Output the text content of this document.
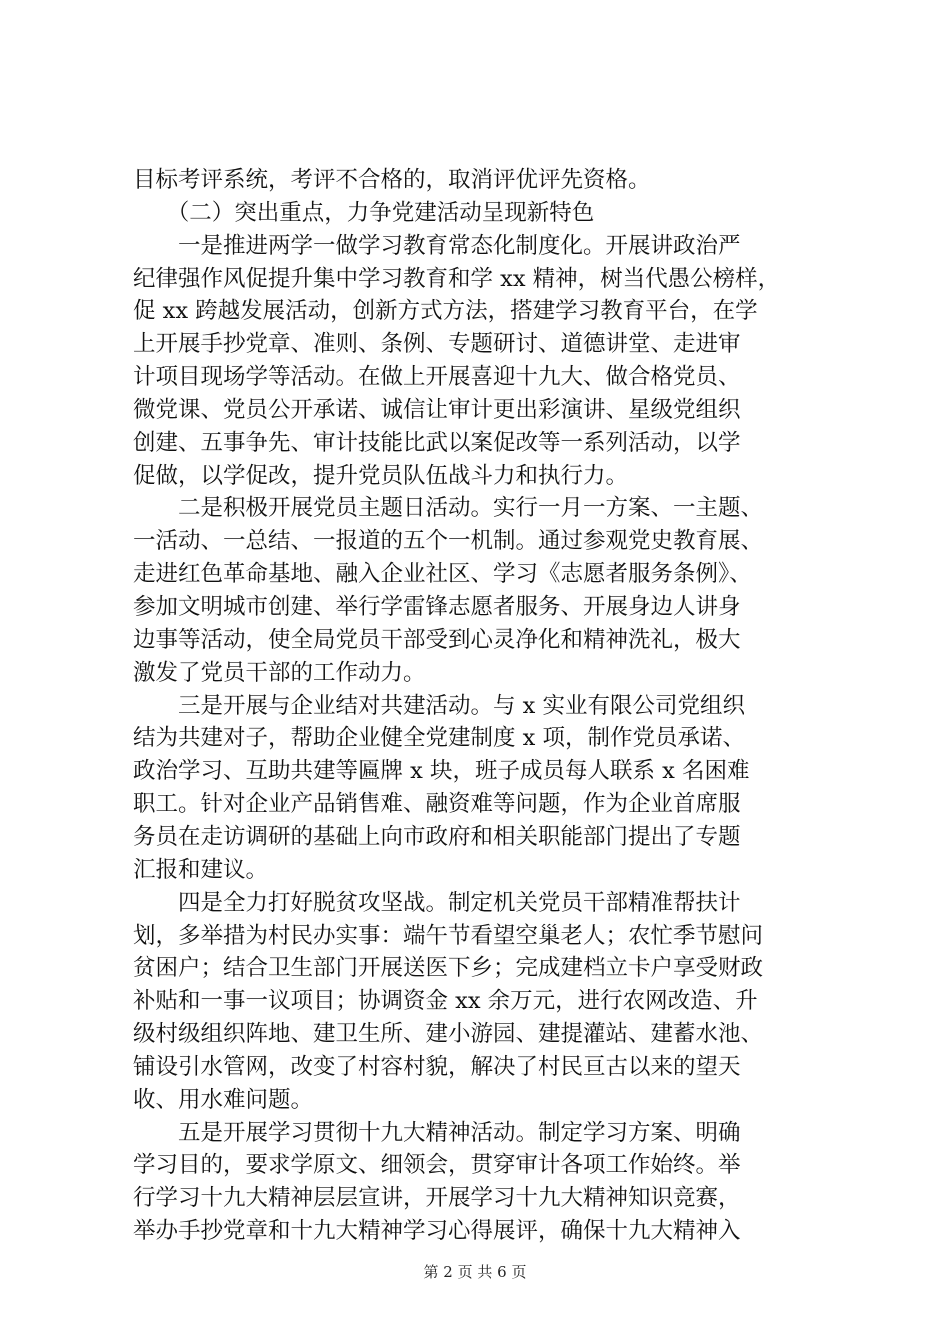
目标考评系统，考评不合格的，取消评优评先资格。
　　（二）突出重点，力争党建活动呈现新特色
　　一是推进两学一做学习教育常态化制度化。开展讲政治严
纪律强作风促提升集中学习教育和学 xx 精神，树当代愚公榜样，
促 xx 跨越发展活动，创新方式方法，搭建学习教育平台，在学
上开展手抄党章、准则、条例、专题研讨、道德讲堂、走进审
计项目现场学等活动。在做上开展喜迎十九大、做合格党员、
微党课、党员公开承诺、诚信让审计更出彩演讲、星级党组织
创建、五事争先、审计技能比武以案促改等一系列活动，以学
促做，以学促改，提升党员队伍战斗力和执行力。
　　二是积极开展党员主题日活动。实行一月一方案、一主题、
一活动、一总结、一报道的五个一机制。通过参观党史教育展、
走进红色革命基地、融入企业社区、学习《志愿者服务条例》、
参加文明城市创建、举行学雷锋志愿者服务、开展身边人讲身
边事等活动，使全局党员干部受到心灵净化和精神洗礼，极大
激发了党员干部的工作动力。
　　三是开展与企业结对共建活动。与 x 实业有限公司党组织
结为共建对子，帮助企业健全党建制度 x 项，制作党员承诺、
政治学习、互助共建等匾牌 x 块，班子成员每人联系 x 名困难
职工。针对企业产品销售难、融资难等问题，作为企业首席服
务员在走访调研的基础上向市政府和相关职能部门提出了专题
汇报和建议。
　　四是全力打好脱贫攻坚战。制定机关党员干部精准帮扶计
划，多举措为村民办实事：端午节看望空巢老人；农忙季节慰问
贫困户；结合卫生部门开展送医下乡；完成建档立卡户享受财政
补贴和一事一议项目；协调资金 xx 余万元，进行农网改造、升
级村级组织阵地、建卫生所、建小游园、建提灌站、建蓄水池、
铺设引水管网，改变了村容村貌，解决了村民亘古以来的望天
收、用水难问题。
　　五是开展学习贯彻十九大精神活动。制定学习方案、明确
学习目的，要求学原文、细领会，贯穿审计各项工作始终。举
行学习十九大精神层层宣讲，开展学习十九大精神知识竞赛，
举办手抄党章和十九大精神学习心得展评，确保十九大精神入
第 2 页 共 6 页
